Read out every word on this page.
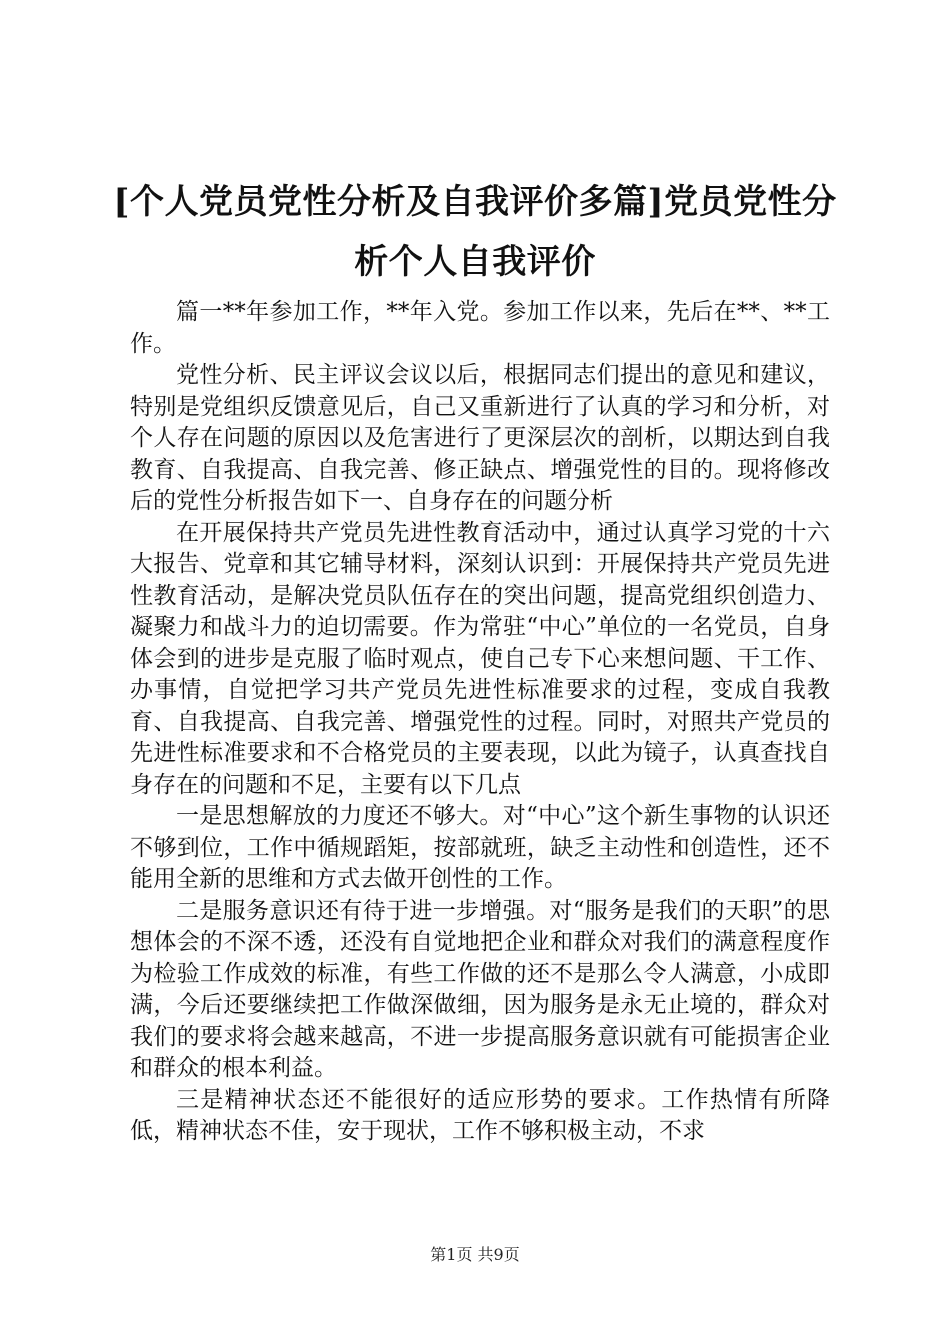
[个人党员党性分析及自我评价多篇]党员党性分析个人自我评价

篇一**年参加工作，**年入党。参加工作以来，先后在**、**工作。

党性分析、民主评议会议以后，根据同志们提出的意见和建议，特别是党组织反馈意见后，自己又重新进行了认真的学习和分析，对个人存在问题的原因以及危害进行了更深层次的剖析，以期达到自我教育、自我提高、自我完善、修正缺点、增强党性的目的。现将修改后的党性分析报告如下一、自身存在的问题分析

在开展保持共产党员先进性教育活动中，通过认真学习党的十六大报告、党章和其它辅导材料，深刻认识到：开展保持共产党员先进性教育活动，是解决党员队伍存在的突出问题，提高党组织创造力、凝聚力和战斗力的迫切需要。作为常驻“中心”单位的一名党员，自身体会到的进步是克服了临时观点，使自己专下心来想问题、干工作、办事情，自觉把学习共产党员先进性标准要求的过程，变成自我教育、自我提高、自我完善、增强党性的过程。同时，对照共产党员的先进性标准要求和不合格党员的主要表现，以此为镜子，认真查找自身存在的问题和不足，主要有以下几点

一是思想解放的力度还不够大。对“中心”这个新生事物的认识还不够到位，工作中循规蹈矩，按部就班，缺乏主动性和创造性，还不能用全新的思维和方式去做开创性的工作。

二是服务意识还有待于进一步增强。对“服务是我们的天职”的思想体会的不深不透，还没有自觉地把企业和群众对我们的满意程度作为检验工作成效的标准，有些工作做的还不是那么令人满意，小成即满，今后还要继续把工作做深做细，因为服务是永无止境的，群众对我们的要求将会越来越高，不进一步提高服务意识就有可能损害企业和群众的根本利益。

三是精神状态还不能很好的适应形势的要求。工作热情有所降低，精神状态不佳，安于现状，工作不够积极主动，不求

第1页 共9页
